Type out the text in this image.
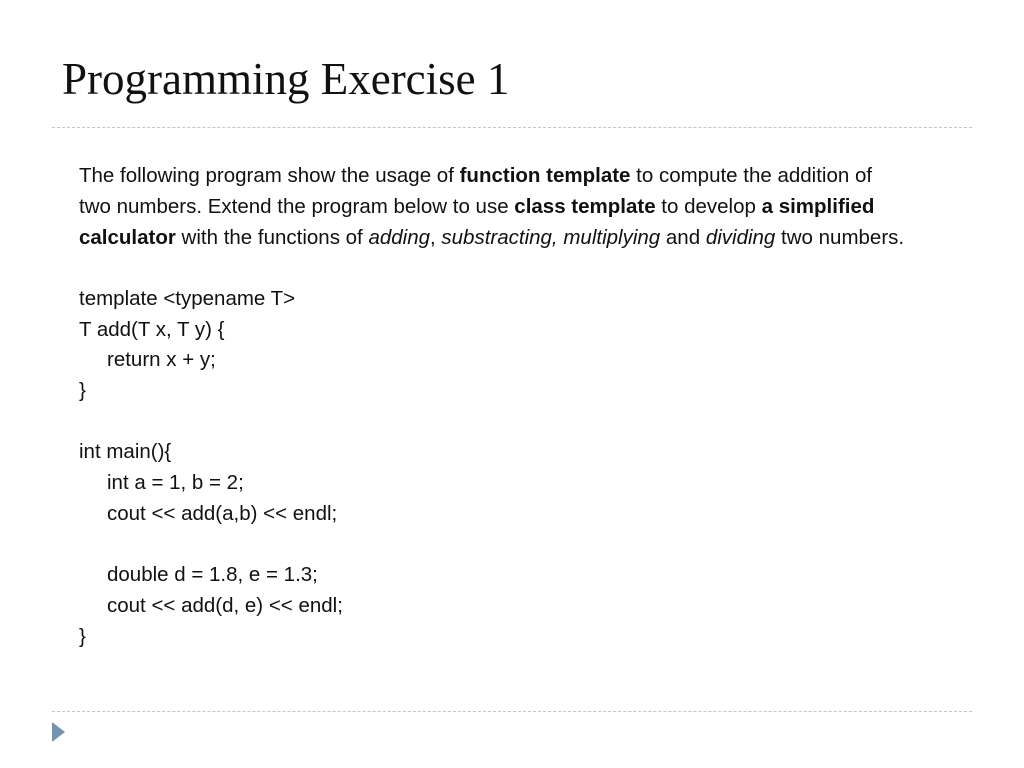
Programming Exercise 1

The following program show the usage of function template to compute the addition of two numbers. Extend the program below to use class template to develop a simplified calculator with the functions of adding, substracting, multiplying and dividing two numbers.

template <typename T>
T add(T x, T y) {
return x + y;
}
int main(){
int a = 1, b = 2;
cout << add(a,b) << endl;
double d = 1.8, e = 1.3;
cout << add(d, e) << endl;
}
